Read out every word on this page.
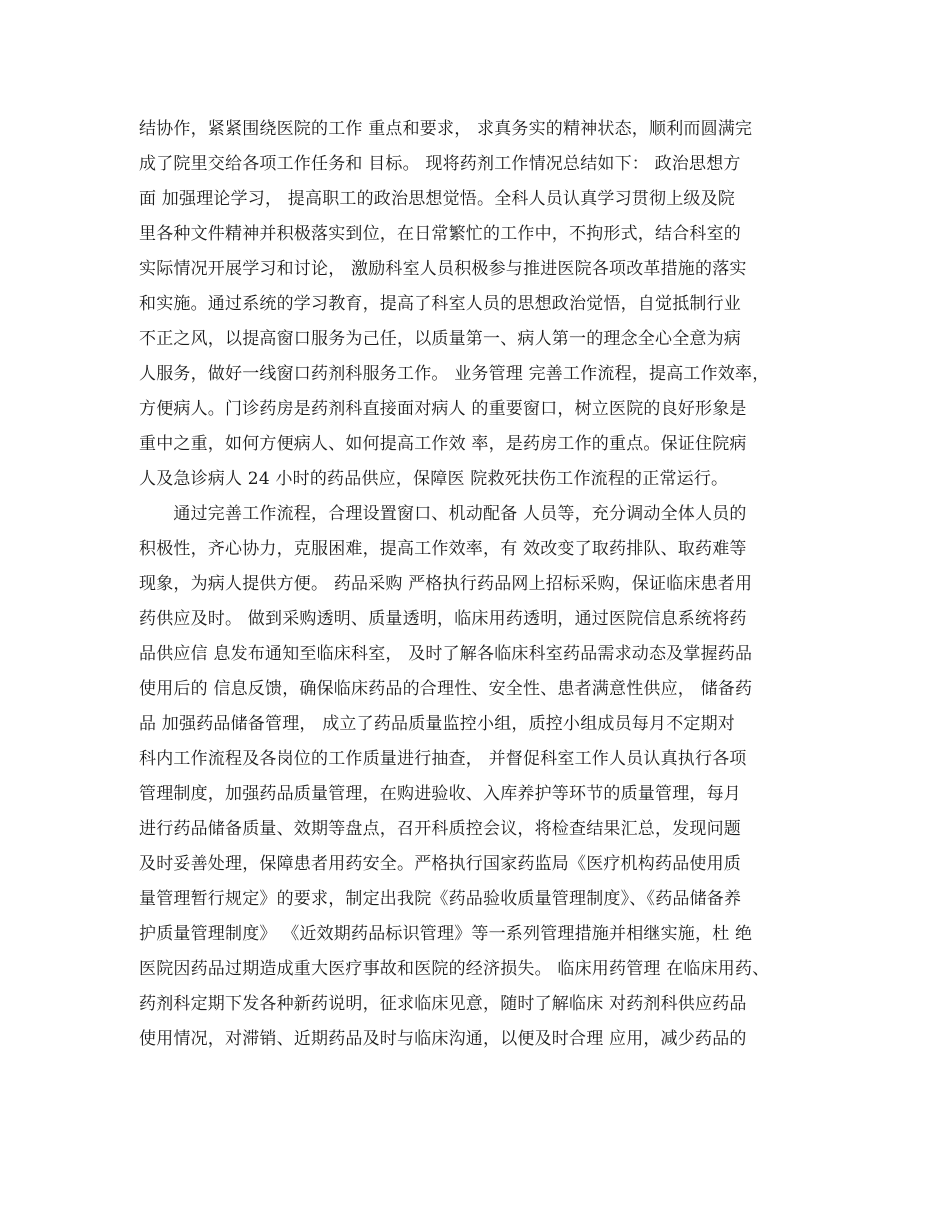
结协作，紧紧围绕医院的工作 重点和要求， 求真务实的精神状态，顺利而圆满完
成了院里交给各项工作任务和 目标。 现将药剂工作情况总结如下： 政治思想方
面 加强理论学习， 提高职工的政治思想觉悟。全科人员认真学习贯彻上级及院
里各种文件精神并积极落实到位，在日常繁忙的工作中，不拘形式，结合科室的
实际情况开展学习和讨论， 激励科室人员积极参与推进医院各项改革措施的落实
和实施。通过系统的学习教育，提高了科室人员的思想政治觉悟，自觉抵制行业
不正之风，以提高窗口服务为己任，以质量第一、病人第一的理念全心全意为病
人服务，做好一线窗口药剂科服务工作。 业务管理 完善工作流程，提高工作效率，
方便病人。门诊药房是药剂科直接面对病人 的重要窗口，树立医院的良好形象是
重中之重，如何方便病人、如何提高工作效 率，是药房工作的重点。保证住院病
人及急诊病人 24 小时的药品供应，保障医 院救死扶伤工作流程的正常运行。
　　通过完善工作流程，合理设置窗口、机动配备 人员等，充分调动全体人员的
积极性，齐心协力，克服困难，提高工作效率，有 效改变了取药排队、取药难等
现象，为病人提供方便。 药品采购 严格执行药品网上招标采购，保证临床患者用
药供应及时。 做到采购透明、质量透明，临床用药透明，通过医院信息系统将药
品供应信 息发布通知至临床科室， 及时了解各临床科室药品需求动态及掌握药品
使用后的 信息反馈，确保临床药品的合理性、安全性、患者满意性供应， 储备药
品 加强药品储备管理， 成立了药品质量监控小组，质控小组成员每月不定期对
科内工作流程及各岗位的工作质量进行抽查， 并督促科室工作人员认真执行各项
管理制度，加强药品质量管理，在购进验收、入库养护等环节的质量管理，每月
进行药品储备质量、效期等盘点，召开科质控会议，将检查结果汇总，发现问题
及时妥善处理，保障患者用药安全。严格执行国家药监局《医疗机构药品使用质
量管理暂行规定》的要求，制定出我院《药品验收质量管理制度》、《药品储备养
护质量管理制度》 《近效期药品标识管理》等一系列管理措施并相继实施，杜 绝
医院因药品过期造成重大医疗事故和医院的经济损失。 临床用药管理 在临床用药、
药剂科定期下发各种新药说明，征求临床见意，随时了解临床 对药剂科供应药品
使用情况，对滞销、近期药品及时与临床沟通，以便及时合理 应用，减少药品的
